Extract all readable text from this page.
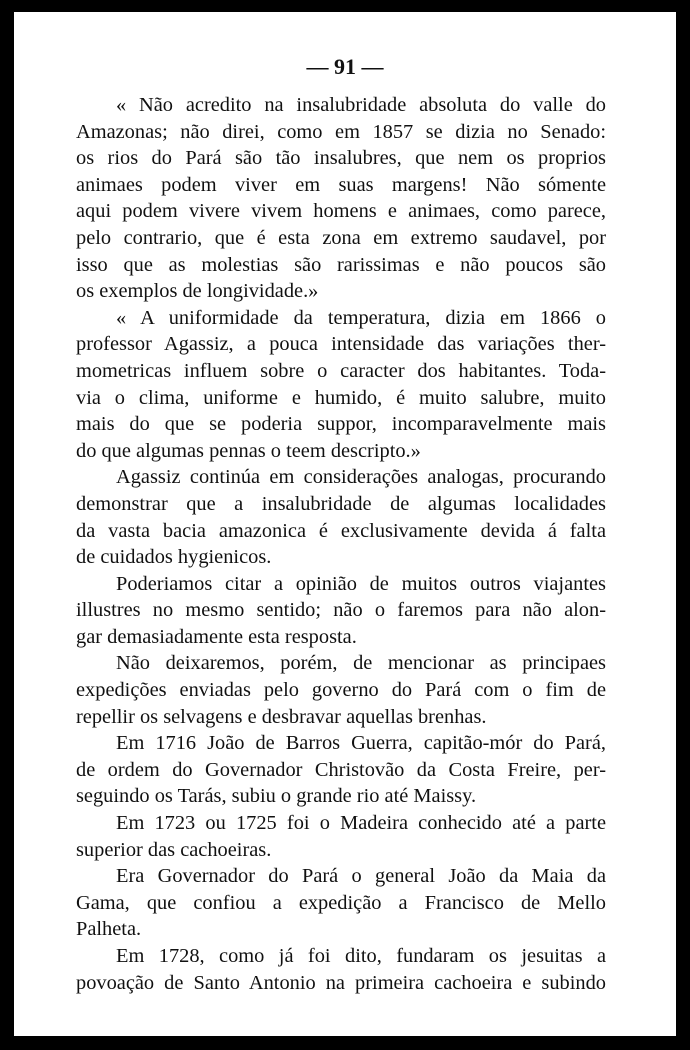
— 91 —

« Não acredito na insalubridade absoluta do valle do
Amazonas; não direi, como em 1857 se dizia no Senado:
os rios do Pará são tão insalubres, que nem os proprios
animaes podem viver em suas margens! Não sómente
aqui podem vivere vivem homens e animaes, como parece,
pelo contrario, que é esta zona em extremo saudavel, por
isso que as molestias são rarissimas e não poucos são
os exemplos de longividade.»

« A uniformidade da temperatura, dizia em 1866 o
professor Agassiz, a pouca intensidade das variações ther-
mometricas influem sobre o caracter dos habitantes. Toda-
via o clima, uniforme e humido, é muito salubre, muito
mais do que se poderia suppor, incomparavelmente mais
do que algumas pennas o teem descripto.»

Agassiz continúa em considerações analogas, procurando
demonstrar que a insalubridade de algumas localidades
da vasta bacia amazonica é exclusivamente devida á falta
de cuidados hygienicos.

Poderiamos citar a opinião de muitos outros viajantes
illustres no mesmo sentido; não o faremos para não alon-
gar demasiadamente esta resposta.

Não deixaremos, porém, de mencionar as principaes
expedições enviadas pelo governo do Pará com o fim de
repellir os selvagens e desbravar aquellas brenhas.

Em 1716 João de Barros Guerra, capitão-mór do Pará,
de ordem do Governador Christovão da Costa Freire, per-
seguindo os Tarás, subiu o grande rio até Maissy.

Em 1723 ou 1725 foi o Madeira conhecido até a parte
superior das cachoeiras.

Era Governador do Pará o general João da Maia da
Gama, que confiou a expedição a Francisco de Mello
Palheta.

Em 1728, como já foi dito, fundaram os jesuitas a
povoação de Santo Antonio na primeira cachoeira e subindo
